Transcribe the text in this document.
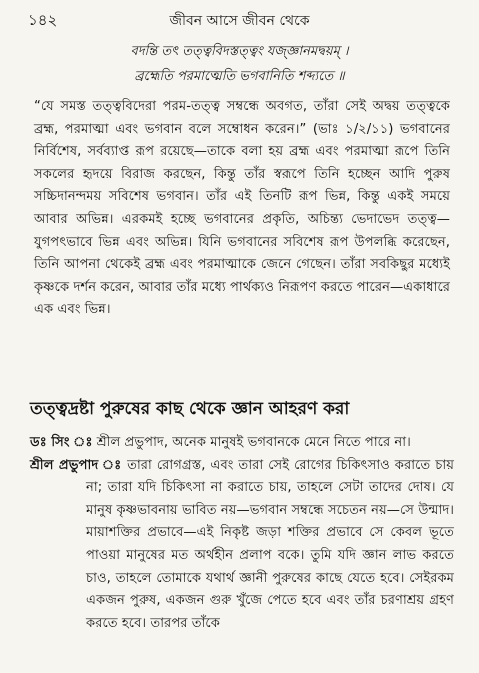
১৪২	জীবন আসে জীবন থেকে
বদন্তি তৎ তত্ত্ববিদস্তত্ত্বং যজ্জ্ঞানমদ্বয়ম্ ।
ব্রহ্মেতি পরমাত্মেতি ভগবানিতি শব্দ্যতে ॥

“যে সমস্ত তত্ত্ববিদেরা পরম-তত্ত্ব সম্বন্ধে অবগত, তাঁরা সেই অদ্বয় তত্ত্বকে ব্রহ্ম, পরমাত্মা এবং ভগবান বলে সম্বোধন করেন।” (ভাঃ ১/২/১১) ভগবানের নির্বিশেষ, সর্বব্যাপ্ত রূপ রয়েছে—তাকে বলা হয় ব্রহ্ম এবং পরমাত্মা রূপে তিনি সকলের হৃদয়ে বিরাজ করছেন, কিন্তু তাঁর স্বরূপে তিনি হচ্ছেন আদি পুরুষ সচ্চিদানন্দময় সবিশেষ ভগবান। তাঁর এই তিনটি রূপ ভিন্ন, কিন্তু একই সময়ে আবার অভিন্ন। এরকমই হচ্ছে ভগবানের প্রকৃতি, অচিন্ত্য ভেদাভেদ তত্ত্ব—যুগপৎভাবে ভিন্ন এবং অভিন্ন। যিনি ভগবানের সবিশেষ রূপ উপলব্ধি করেছেন, তিনি আপনা থেকেই ব্রহ্ম এবং পরমাত্মাকে জেনে গেছেন। তাঁরা সবকিছুর মধ্যেই কৃষ্ণকে দর্শন করেন, আবার তাঁর মধ্যে পার্থক্যও নিরূপণ করতে পারেন—একাধারে এক এবং ভিন্ন।

তত্ত্বদ্রষ্টা পুরুষের কাছ থেকে জ্ঞান আহরণ করা

ডঃ সিং ঃ শ্রীল প্রভুপাদ, অনেক মানুষই ভগবানকে মেনে নিতে পারে না।

শ্রীল প্রভুপাদ ঃ তারা রোগগ্রস্ত, এবং তারা সেই রোগের চিকিৎসাও করাতে চায় না; তারা যদি চিকিৎসা না করাতে চায়, তাহলে সেটা তাদের দোষ। যে মানুষ কৃষ্ণভাবনায় ভাবিত নয়—ভগবান সম্বন্ধে সচেতন নয়—সে উন্মাদ। মায়াশক্তির প্রভাবে—এই নিকৃষ্ট জড়া শক্তির প্রভাবে সে কেবল ভূতে পাওয়া মানুষের মত অর্থহীন প্রলাপ বকে। তুমি যদি জ্ঞান লাভ করতে চাও, তাহলে তোমাকে যথার্থ জ্ঞানী পুরুষের কাছে যেতে হবে। সেইরকম একজন পুরুষ, একজন গুরু খুঁজে পেতে হবে এবং তাঁর চরণাশ্রয় গ্রহণ করতে হবে। তারপর তাঁকে
